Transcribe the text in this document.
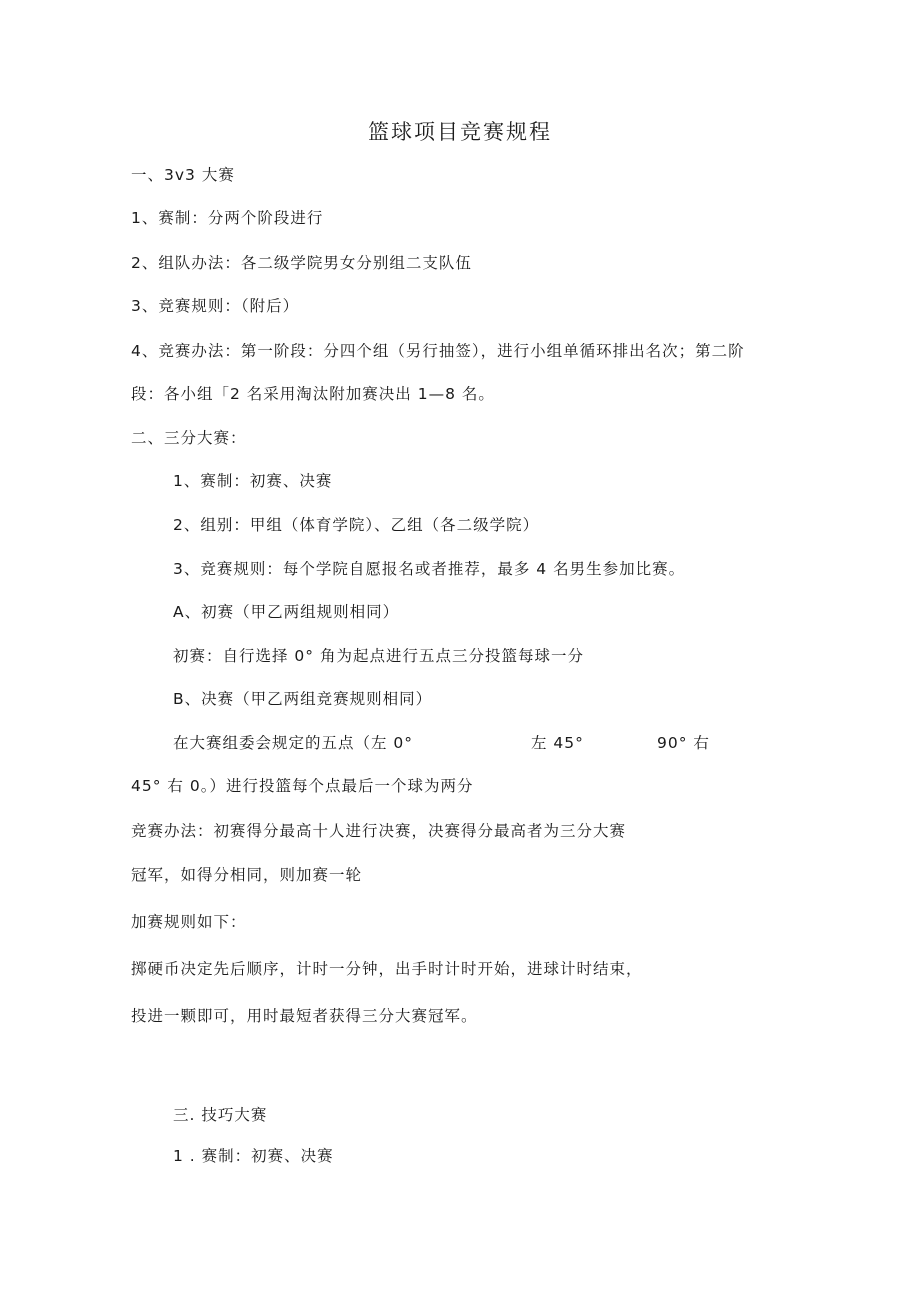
篮球项目竞赛规程
一、3v3 大赛
1、赛制：分两个阶段进行
2、组队办法：各二级学院男女分别组二支队伍
3、竞赛规则：（附后）
4、竞赛办法：第一阶段：分四个组（另行抽签），进行小组单循环排出名次；第二阶
段：各小组「2 名采用淘汰附加赛决出 1—8 名。
二、三分大赛：
1、赛制：初赛、决赛
2、组别：甲组（体育学院）、乙组（各二级学院）
3、竞赛规则：每个学院自愿报名或者推荐，最多 4 名男生参加比赛。
A、初赛（甲乙两组规则相同）
初赛：自行选择 0° 角为起点进行五点三分投篮每球一分
B、决赛（甲乙两组竞赛规则相同）
在大赛组委会规定的五点（左 0°	左 45°	90° 右
45° 右 0。）进行投篮每个点最后一个球为两分
竞赛办法：初赛得分最高十人进行决赛，决赛得分最高者为三分大赛
冠军，如得分相同，则加赛一轮
加赛规则如下：
掷硬币决定先后顺序，计时一分钟，出手时计时开始，进球计时结束，
投进一颗即可，用时最短者获得三分大赛冠军。
三. 技巧大赛
1 . 赛制：初赛、决赛
